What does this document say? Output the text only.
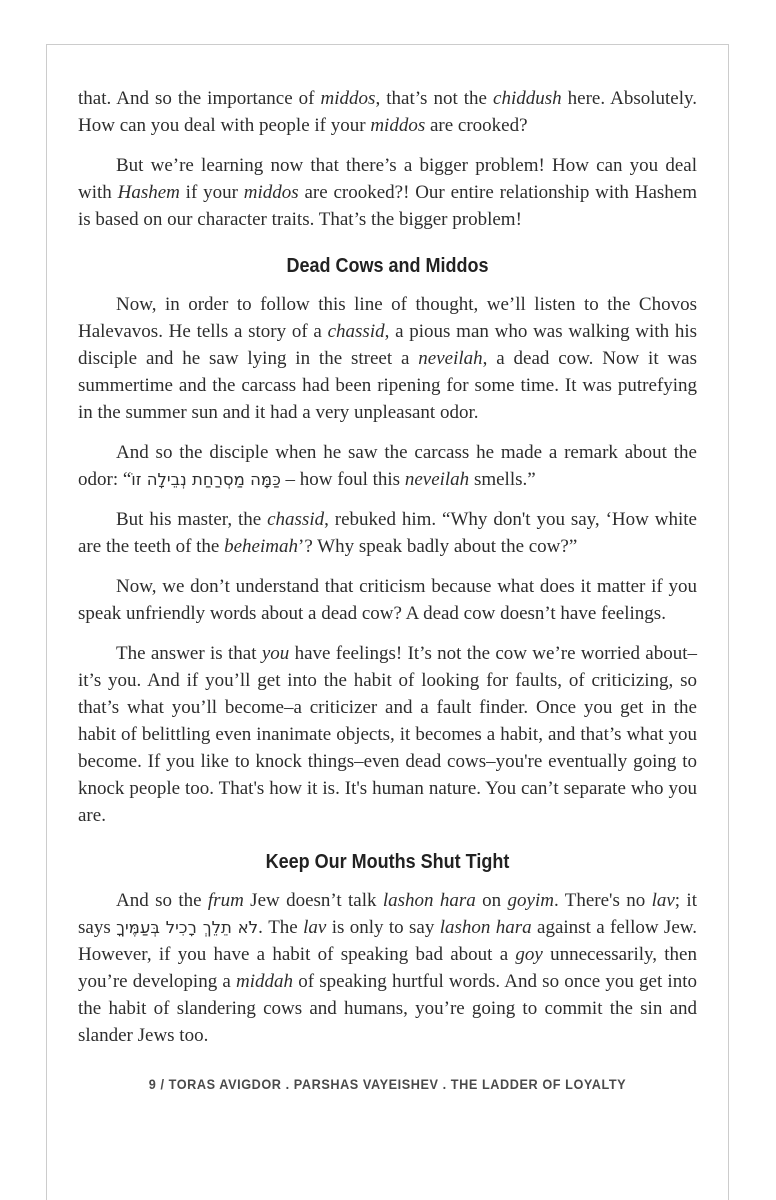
that. And so the importance of middos, that’s not the chiddush here. Absolutely. How can you deal with people if your middos are crooked?

But we’re learning now that there’s a bigger problem! How can you deal with Hashem if your middos are crooked?! Our entire relationship with Hashem is based on our character traits. That’s the bigger problem!

Dead Cows and Middos

Now, in order to follow this line of thought, we’ll listen to the Chovos Halevavos. He tells a story of a chassid, a pious man who was walking with his disciple and he saw lying in the street a neveilah, a dead cow. Now it was summertime and the carcass had been ripening for some time. It was putrefying in the summer sun and it had a very unpleasant odor.

And so the disciple when he saw the carcass he made a remark about the odor: “כַּמָּה מַסְרַחַת נְבֵילָה זוֹ – how foul this neveilah smells.”

But his master, the chassid, rebuked him. “Why don't you say, ‘How white are the teeth of the beheimah’? Why speak badly about the cow?”

Now, we don’t understand that criticism because what does it matter if you speak unfriendly words about a dead cow? A dead cow doesn’t have feelings.

The answer is that you have feelings! It’s not the cow we’re worried about–it’s you. And if you’ll get into the habit of looking for faults, of criticizing, so that’s what you’ll become–a criticizer and a fault finder. Once you get in the habit of belittling even inanimate objects, it becomes a habit, and that’s what you become. If you like to knock things–even dead cows–you're eventually going to knock people too. That's how it is. It's human nature. You can’t separate who you are.

Keep Our Mouths Shut Tight

And so the frum Jew doesn’t talk lashon hara on goyim. There's no lav; it says לֹא תֵלֵךְ רָכִיל בְּעַמֶּיךָ. The lav is only to say lashon hara against a fellow Jew. However, if you have a habit of speaking bad about a goy unnecessarily, then you’re developing a middah of speaking hurtful words. And so once you get into the habit of slandering cows and humans, you’re going to commit the sin and slander Jews too.

9 / TORAS AVIGDOR . PARSHAS VAYEISHEV . THE LADDER OF LOYALTY
